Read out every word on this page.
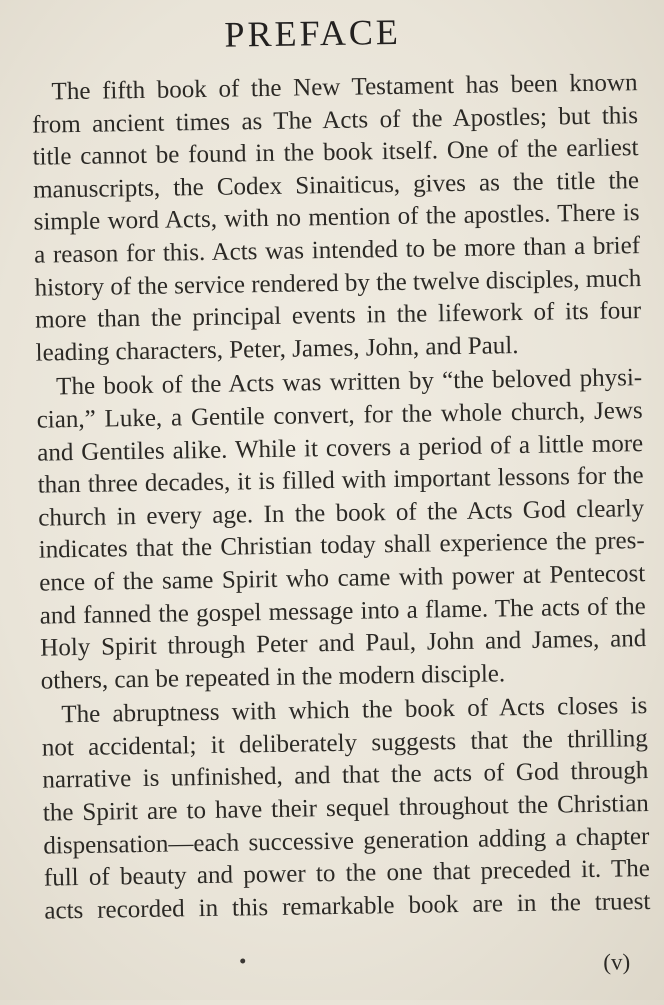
PREFACE
The fifth book of the New Testament has been known
from ancient times as The Acts of the Apostles; but this
title cannot be found in the book itself. One of the earliest
manuscripts, the Codex Sinaiticus, gives as the title the
simple word Acts, with no mention of the apostles. There is
a reason for this. Acts was intended to be more than a brief
history of the service rendered by the twelve disciples, much
more than the principal events in the lifework of its four
leading characters, Peter, James, John, and Paul.
The book of the Acts was written by “the beloved physi-
cian,” Luke, a Gentile convert, for the whole church, Jews
and Gentiles alike. While it covers a period of a little more
than three decades, it is filled with important lessons for the
church in every age. In the book of the Acts God clearly
indicates that the Christian today shall experience the pres-
ence of the same Spirit who came with power at Pentecost
and fanned the gospel message into a flame. The acts of the
Holy Spirit through Peter and Paul, John and James, and
others, can be repeated in the modern disciple.
The abruptness with which the book of Acts closes is
not accidental; it deliberately suggests that the thrilling
narrative is unfinished, and that the acts of God through
the Spirit are to have their sequel throughout the Christian
dispensation—each successive generation adding a chapter
full of beauty and power to the one that preceded it. The
acts recorded in this remarkable book are in the truest
(v)
